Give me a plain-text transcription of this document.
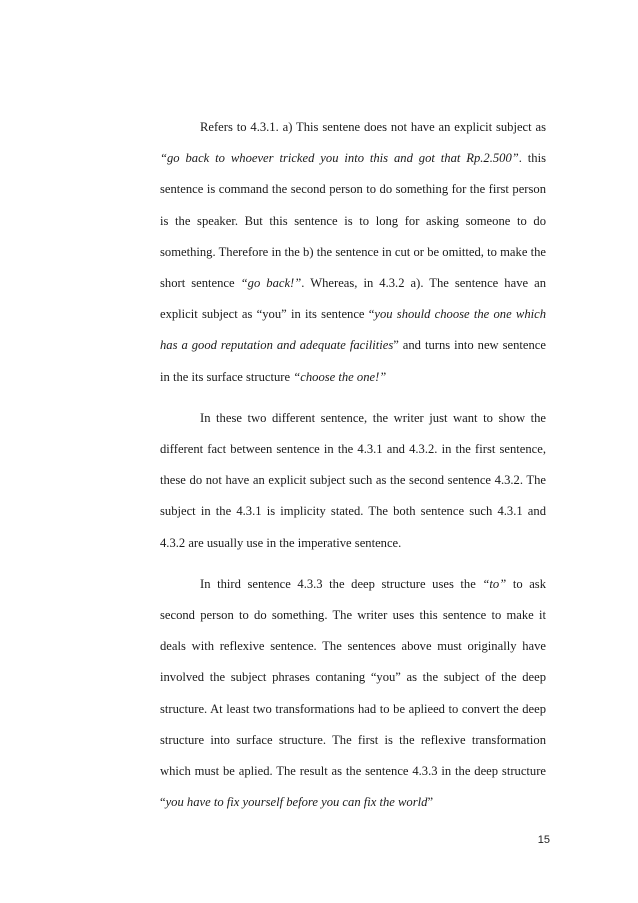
Refers to 4.3.1. a) This sentene does not have an explicit subject as “go back to whoever tricked you into this and got that Rp.2.500”. this sentence is command the second person to do something for the first person is the speaker. But this sentence is to long for asking someone to do something. Therefore in the b) the sentence in cut or be omitted, to make the short sentence “go back!”. Whereas, in 4.3.2 a). The sentence have an explicit subject as “you” in its sentence “you should choose the one which has a good reputation and adequate facilities” and turns into new sentence in the its surface structure “choose the one!”

In these two different sentence, the writer just want to show the different fact between sentence in the 4.3.1 and 4.3.2. in the first sentence, these do not have an explicit subject such as the second sentence 4.3.2. The subject in the 4.3.1 is implicity stated. The both sentence such 4.3.1 and 4.3.2 are usually use in the imperative sentence.

In third sentence 4.3.3 the deep structure uses the “to” to ask second person to do something. The writer uses this sentence to make it deals with reflexive sentence. The sentences above must originally have involved the subject phrases contaning “you” as the subject of the deep structure. At least two transformations had to be aplieed to convert the deep structure into surface structure. The first is the reflexive transformation which must be aplied. The result as the sentence 4.3.3 in the deep structure “you have to fix yourself before you can fix the world”

15
